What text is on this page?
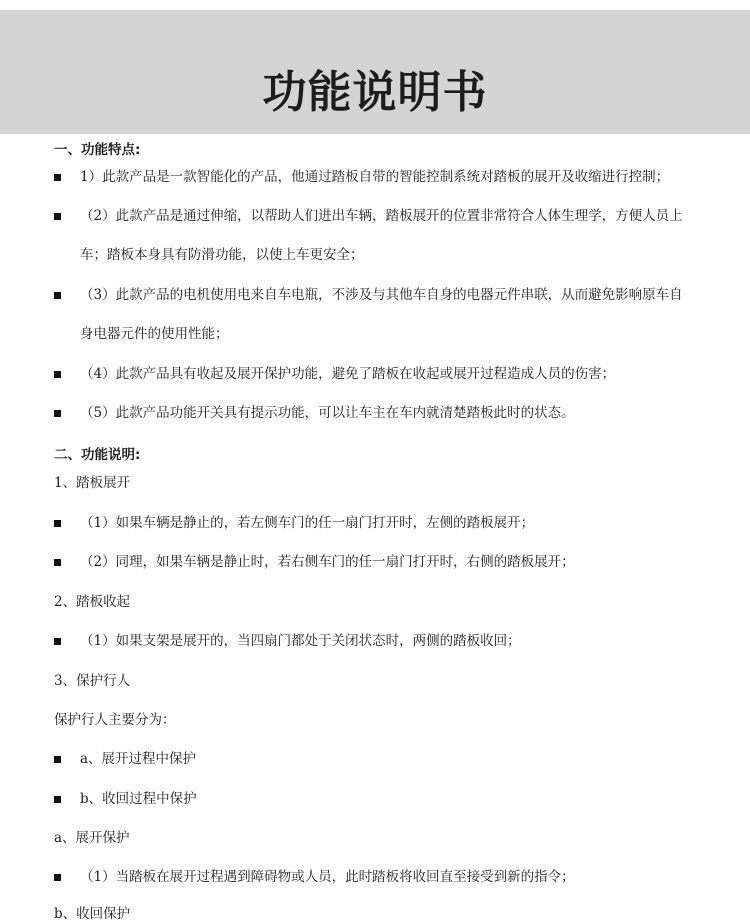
功能说明书
一、功能特点:
1）此款产品是一款智能化的产品，他通过踏板自带的智能控制系统对踏板的展开及收缩进行控制；
（2）此款产品是通过伸缩，以帮助人们进出车辆，踏板展开的位置非常符合人体生理学，方便人员上
车；踏板本身具有防滑功能，以使上车更安全；
（3）此款产品的电机使用电来自车电瓶，不涉及与其他车自身的电器元件串联，从而避免影响原车自
身电器元件的使用性能；
（4）此款产品具有收起及展开保护功能，避免了踏板在收起或展开过程造成人员的伤害；
（5）此款产品功能开关具有提示功能，可以让车主在车内就清楚踏板此时的状态。
二、功能说明:
1、踏板展开
（1）如果车辆是静止的，若左侧车门的任一扇门打开时，左侧的踏板展开；
（2）同理，如果车辆是静止时，若右侧车门的任一扇门打开时，右侧的踏板展开；
2、踏板收起
（1）如果支架是展开的，当四扇门都处于关闭状态时，两侧的踏板收回；
3、保护行人
保护行人主要分为：
a、展开过程中保护
b、收回过程中保护
a、展开保护
（1）当踏板在展开过程遇到障碍物或人员，此时踏板将收回直至接受到新的指令；
b、收回保护
